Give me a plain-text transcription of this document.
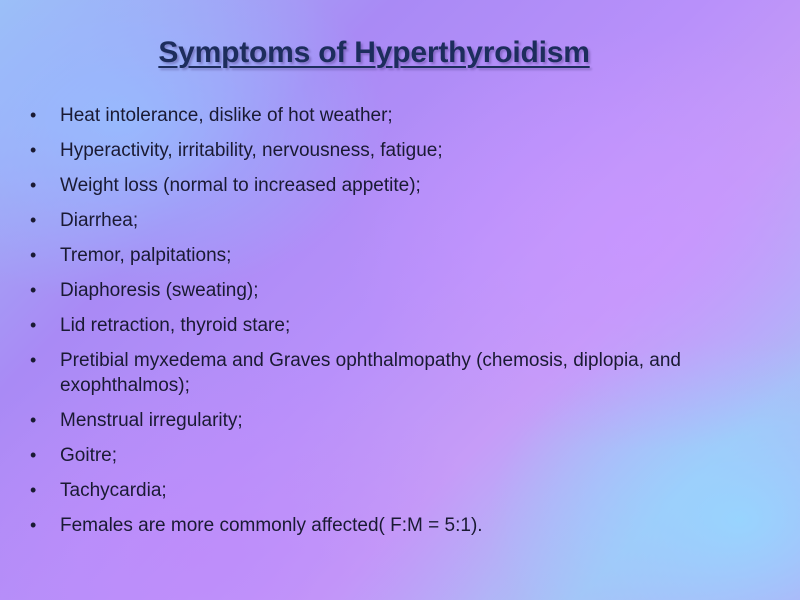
Symptoms of Hyperthyroidism
• Heat intolerance, dislike of hot weather;
• Hyperactivity, irritability, nervousness, fatigue;
• Weight loss (normal to increased appetite);
• Diarrhea;
• Tremor, palpitations;
• Diaphoresis (sweating);
• Lid retraction, thyroid stare;
• Pretibial myxedema and Graves ophthalmopathy (chemosis, diplopia, and exophthalmos);
• Menstrual irregularity;
• Goitre;
• Tachycardia;
• Females are more commonly affected( F:M = 5:1).
